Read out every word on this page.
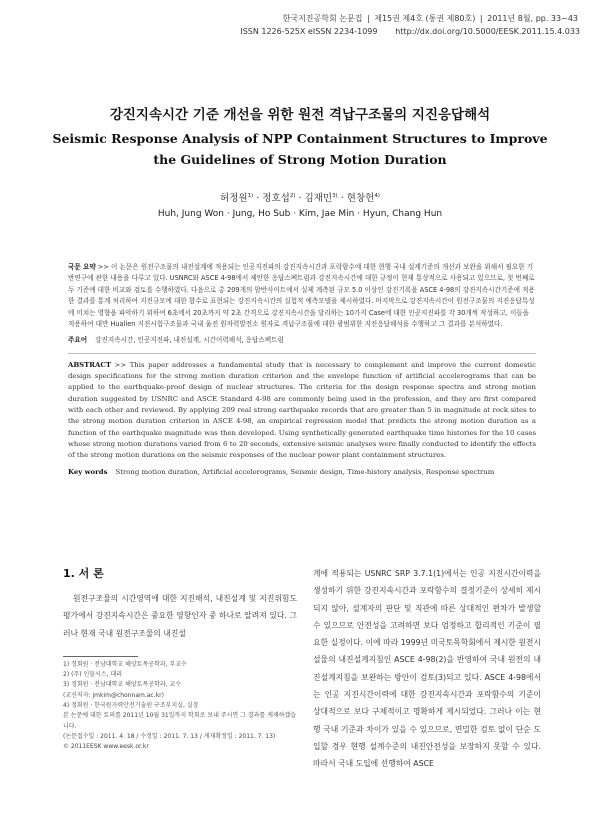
한국지진공학회 논문집 | 제15권 제4호 (통권 제80호) | 2011년 8월, pp. 33~43
ISSN 1226-525X eISSN 2234-1099 http://dx.doi.org/10.5000/EESK.2011.15.4.033
강진지속시간 기준 개선을 위한 원전 격납구조물의 지진응답해석
Seismic Response Analysis of NPP Containment Structures to Improve the Guidelines of Strong Motion Duration
허정원$^{1)}$ · 정호섭$^{2)}$ · 김재민$^{3)}$ · 현창헌$^{4)}$
Huh, Jung Won · Jung, Ho Sub · Kim, Jae Min · Hyun, Chang Hun
국문 요약 >> 이 논문은 원전구조물의 내진설계에 적용되는 인공지진파의 강진지속시간과 포락함수에 대한 현행 국내 설계기준의 개선과 보완을 위해서 필요한 기반연구에 관한 내용을 다루고 있다. USNRC와 ASCE 4-98에서 제안한 응답스펙트럼과 강진지속시간에 대한 규정이 현재 통상적으로 사용되고 있으므로, 첫 번째로 두 기준에 대한 비교와 검토를 수행하였다. 다음으로 총 209개의 암반사이트에서 실제 계측된 규모 5.0 이상인 강진기록을 ASCE 4-98의 강진지속시간기준에 적용한 결과를 통계 처리하여 지진규모에 대한 함수로 표현되는 강진지속시간의 실험적 예측모델을 제시하였다. 마지막으로 강진지속시간이 원전구조물의 지진응답특성에 미치는 영향을 파악하기 위하여 6초에서 20초까지 약 2초 간격으로 강진지속시간을 달리하는 10가지 Case에 대한 인공지진파를 각 30개씩 작성하고, 이들을 적용하여 대만 Hualien 지진시험구조물과 국내 울진 원자력발전소 원자로 격납구조물에 대한 광범위한 지진응답해석을 수행하고 그 결과를 분석하였다.
주요어 강진지속시간, 인공지진파, 내진설계, 시간이력해석, 응답스펙트럼
ABSTRACT >> This paper addresses a fundamental study that is necessary to complement and improve the current domestic design specifications for the strong motion duration criterion and the envelope function of artificial accelerograms that can be applied to the earthquake-proof design of nuclear structures. The criteria for the design response spectra and strong motion duration suggested by USNRC and ASCE Standard 4-98 are commonly being used in the profession, and they are first compared with each other and reviewed. By applying 209 real strong earthquake records that are greater than 5 in magnitude at rock sites to the strong motion duration criterion in ASCE 4-98, an empirical regression model that predicts the strong motion duration as a function of the earthquake magnitude was then developed. Using synthetically generated earthquake time histories for the 10 cases whose strong motion durations varied from 6 to 20 seconds, extensive seismic analyses were finally conducted to identify the effects of the strong motion durations on the seismic responses of the nuclear power plant containment structures.
Key words Strong motion duration, Artificial accelerograms, Seismic design, Time-history analysis, Response spectrum
1. 서 론
원전구조물의 시간영역에 대한 지진해석, 내진설계 및 지진위험도 평가에서 강진지속시간은 중요한 영향인자 중 하나로 알려져 있다. 그러나 현재 국내 원전구조물의 내진설
1) 정회원 · 전남대학교 해양토목공학과, 부교수
2) (주) 인들시스, 대리
3) 정회원 · 전남대학교 해양토목공학과, 교수
(교신저자: jmkim@chonnam.ac.kr)
4) 정회원 · 한국원자력안전기술원 구조부지실, 실장
본 논문에 대한 토의를 2011년 10월 31일까지 학회로 보내 주시면 그 결과를 게재하겠습니다.
(논문접수일 : 2011. 4. 18 / 수정일 : 2011. 7. 13 / 게재확정일 : 2011. 7. 13)
© 2011EESK www.eesk.or.kr
계에 적용되는 USNRC SRP 3.7.1(1)에서는 인공 지진시간이력을 생성하기 위한 강진지속시간과 포락함수의 결정기준이 상세히 제시되지 않아, 설계자의 판단 및 직관에 따른 상대적인 편차가 발생할 수 있으므로 안전성을 고려하면 보다 엄정하고 합리적인 기준이 필요한 실정이다. 이에 따라 1999년 미국토목학회에서 제시한 원전시설물의 내진설계지침인 ASCE 4-98(2)을 반영하여 국내 원전의 내진설계지침을 보완하는 방안이 검토(3)되고 있다. ASCE 4-98에서는 인공 지진시간이력에 대한 강진지속시간과 포락함수의 기준이 상대적으로 보다 구체적이고 명확하게 제시되었다. 그러나 이는 현행 국내 기준과 차이가 있을 수 있으므로, 면밀한 검토 없이 단순 도입할 경우 현행 설계수준의 내진안전성을 보장하지 못할 수 있다. 따라서 국내 도입에 선행하여 ASCE
